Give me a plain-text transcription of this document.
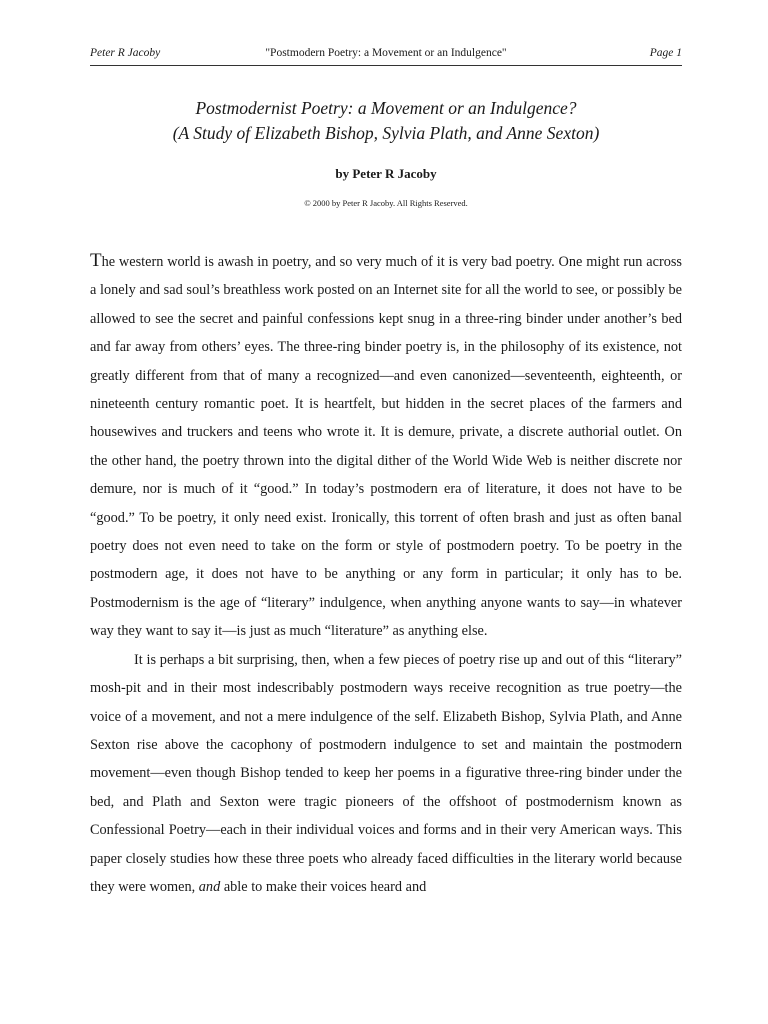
Peter R Jacoby	"Postmodern Poetry: a Movement or an Indulgence"	Page 1
Postmodernist Poetry: a Movement or an Indulgence?
(A Study of Elizabeth Bishop, Sylvia Plath, and Anne Sexton)
by Peter R Jacoby
© 2000 by Peter R Jacoby. All Rights Reserved.

The western world is awash in poetry, and so very much of it is very bad poetry. One might run across a lonely and sad soul’s breathless work posted on an Internet site for all the world to see, or possibly be allowed to see the secret and painful confessions kept snug in a three-ring binder under another’s bed and far away from others’ eyes. The three-ring binder poetry is, in the philosophy of its existence, not greatly different from that of many a recognized—and even canonized—seventeenth, eighteenth, or nineteenth century romantic poet. It is heartfelt, but hidden in the secret places of the farmers and housewives and truckers and teens who wrote it. It is demure, private, a discrete authorial outlet. On the other hand, the poetry thrown into the digital dither of the World Wide Web is neither discrete nor demure, nor is much of it “good.” In today’s postmodern era of literature, it does not have to be “good.” To be poetry, it only need exist. Ironically, this torrent of often brash and just as often banal poetry does not even need to take on the form or style of postmodern poetry. To be poetry in the postmodern age, it does not have to be anything or any form in particular; it only has to be. Postmodernism is the age of “literary” indulgence, when anything anyone wants to say—in whatever way they want to say it—is just as much “literature” as anything else.

It is perhaps a bit surprising, then, when a few pieces of poetry rise up and out of this “literary” mosh-pit and in their most indescribably postmodern ways receive recognition as true poetry—the voice of a movement, and not a mere indulgence of the self. Elizabeth Bishop, Sylvia Plath, and Anne Sexton rise above the cacophony of postmodern indulgence to set and maintain the postmodern movement—even though Bishop tended to keep her poems in a figurative three-ring binder under the bed, and Plath and Sexton were tragic pioneers of the offshoot of postmodernism known as Confessional Poetry—each in their individual voices and forms and in their very American ways. This paper closely studies how these three poets who already faced difficulties in the literary world because they were women, and able to make their voices heard and
